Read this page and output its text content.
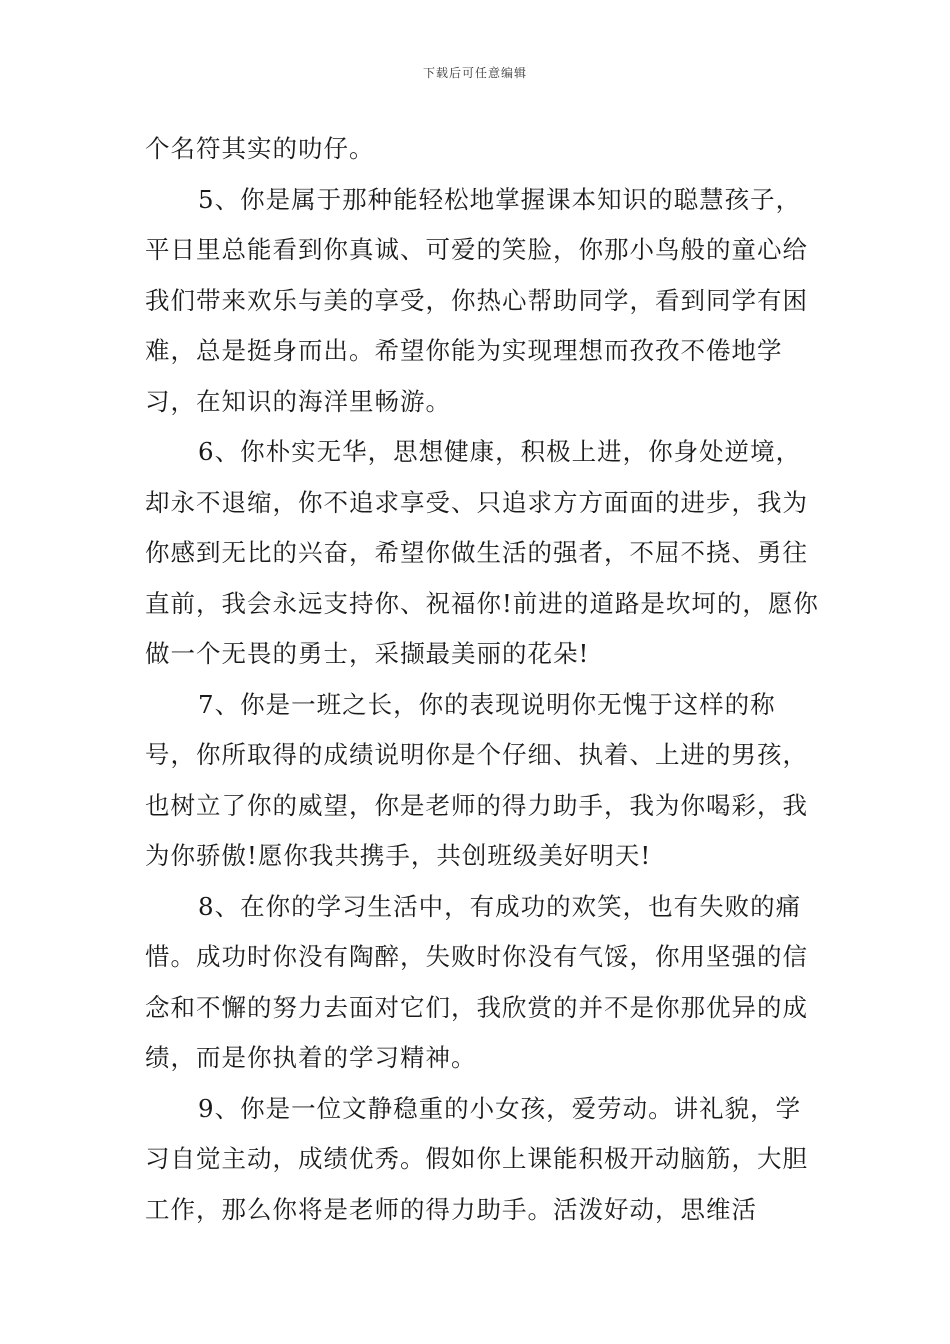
下载后可任意编辑

个名符其实的叻仔。

5、你是属于那种能轻松地掌握课本知识的聪慧孩子，平日里总能看到你真诚、可爱的笑脸，你那小鸟般的童心给我们带来欢乐与美的享受，你热心帮助同学，看到同学有困难，总是挺身而出。希望你能为实现理想而孜孜不倦地学习，在知识的海洋里畅游。

6、你朴实无华，思想健康，积极上进，你身处逆境，却永不退缩，你不追求享受、只追求方方面面的进步，我为你感到无比的兴奋，希望你做生活的强者，不屈不挠、勇往直前，我会永远支持你、祝福你!前进的道路是坎坷的，愿你做一个无畏的勇士，采撷最美丽的花朵!

7、你是一班之长，你的表现说明你无愧于这样的称号，你所取得的成绩说明你是个仔细、执着、上进的男孩，也树立了你的威望，你是老师的得力助手，我为你喝彩，我为你骄傲!愿你我共携手，共创班级美好明天!

8、在你的学习生活中，有成功的欢笑，也有失败的痛惜。成功时你没有陶醉，失败时你没有气馁，你用坚强的信念和不懈的努力去面对它们，我欣赏的并不是你那优异的成绩，而是你执着的学习精神。

9、你是一位文静稳重的小女孩，爱劳动。讲礼貌，学习自觉主动，成绩优秀。假如你上课能积极开动脑筋，大胆工作，那么你将是老师的得力助手。活泼好动，思维活
